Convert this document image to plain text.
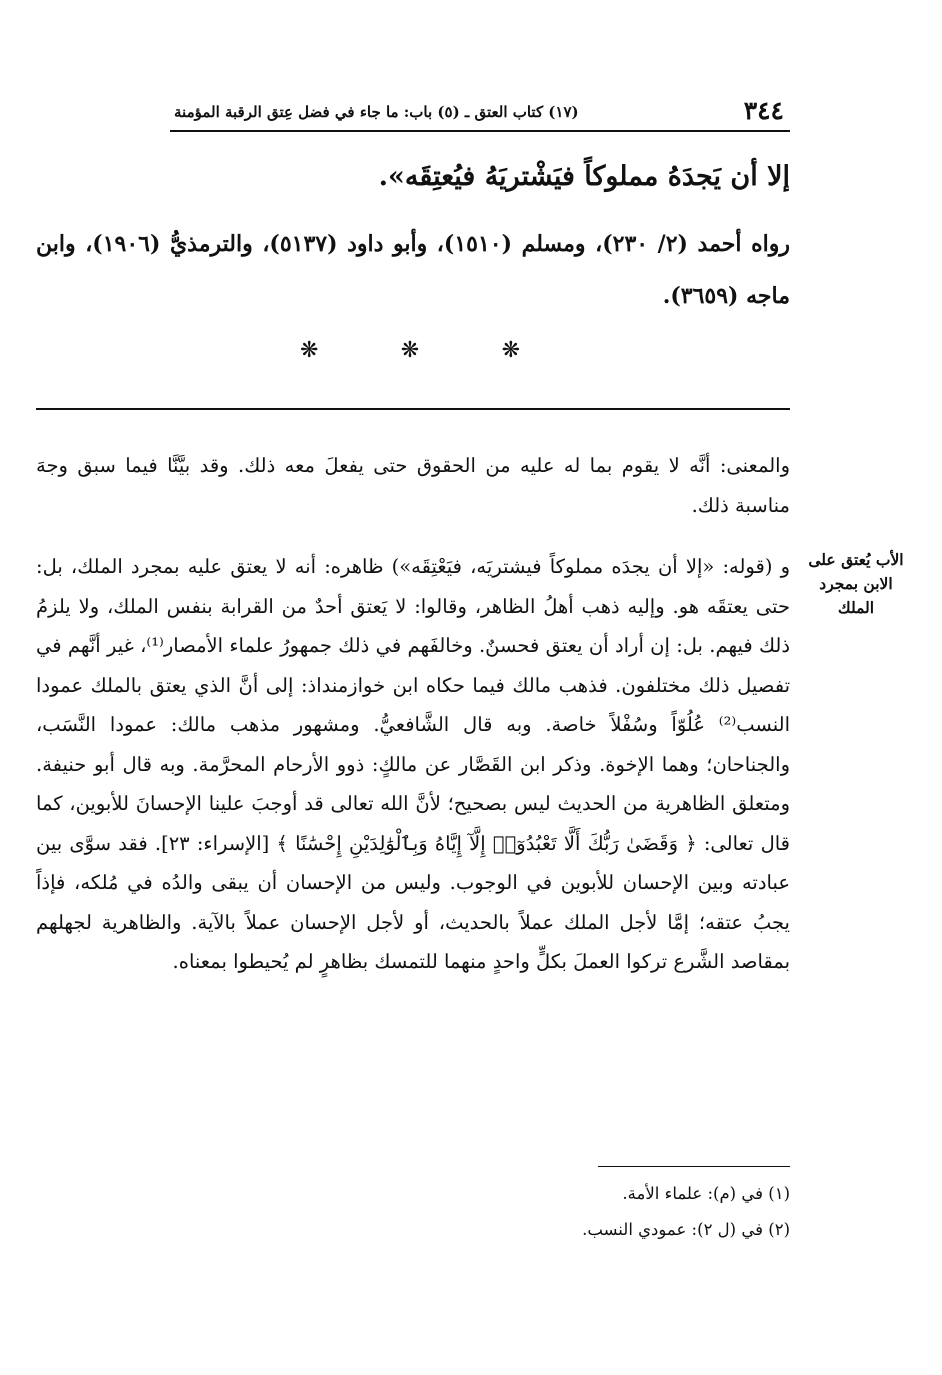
٣٤٤
(١٧) كتاب العتق ـ (٥) باب: ما جاء في فضل عِتق الرقبة المؤمنة

إلا أن يَجدَهُ مملوكاً فيَشْتريَهُ فيُعتِقَه».

رواه أحمد (٢/ ٢٣٠)، ومسلم (١٥١٠)، وأبو داود (٥١٣٧)، والترمذيُّ (١٩٠٦)، وابن ماجه (٣٦٥٩).

❋	❋	❋
الأب يُعتق على الابن بمجرد الملك

والمعنى: أنَّه لا يقوم بما له عليه من الحقوق حتى يفعلَ معه ذلك. وقد بيَّنَّا فيما سبق وجهَ مناسبة ذلك.

و (قوله: «إلا أن يجدَه مملوكاً فيشتريَه، فيَعْتِقَه») ظاهره: أنه لا يعتق عليه بمجرد الملك، بل: حتى يعتقَه هو. وإليه ذهب أهلُ الظاهر، وقالوا: لا يَعتق أحدٌ من القرابة بنفس الملك، ولا يلزمُ ذلك فيهم. بل: إن أراد أن يعتق فحسنٌ. وخالفَهم في ذلك جمهورُ علماء الأمصار⁽¹⁾، غير أنَّهم في تفصيل ذلك مختلفون. فذهب مالك فيما حكاه ابن خوازمنداذ: إلى أنَّ الذي يعتق بالملك عمودا النسب⁽²⁾ عُلُوّاً وسُفْلاً خاصة. وبه قال الشَّافعيُّ. ومشهور مذهب مالك: عمودا النَّسَب، والجناحان؛ وهما الإخوة. وذكر ابن القَصَّار عن مالكٍ: ذوو الأرحام المحرَّمة. وبه قال أبو حنيفة. ومتعلق الظاهرية من الحديث ليس بصحيح؛ لأنَّ الله تعالى قد أوجبَ علينا الإحسانَ للأبوين، كما قال تعالى: ﴿ وَقَضَىٰ رَبُّكَ أَلَّا تَعْبُدُوٓا۟ إِلَّآ إِيَّاهُ وَبِٱلْوَٰلِدَيْنِ إِحْسَٰنًا ﴾ [الإسراء: ٢٣]. فقد سوَّى بين عبادته وبين الإحسان للأبوين في الوجوب. وليس من الإحسان أن يبقى والدُه في مُلكه، فإذاً يجبُ عتقه؛ إمَّا لأجل الملك عملاً بالحديث، أو لأجل الإحسان عملاً بالآية. والظاهرية لجهلهم بمقاصد الشَّرع تركوا العملَ بكلٍّ واحدٍ منهما للتمسك بظاهرٍ لم يُحيطوا بمعناه.

(١) في (م): علماء الأمة.

(٢) في (ل ٢): عمودي النسب.
